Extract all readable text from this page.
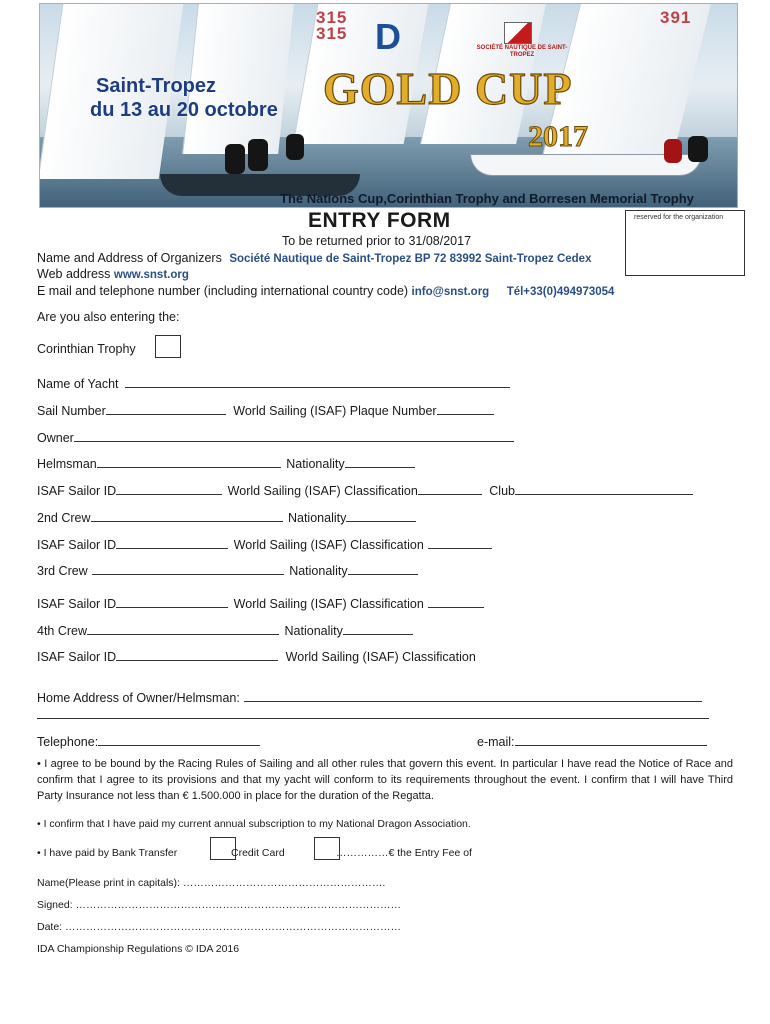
315
315
391
D	SOCIÉTÉ NAUTIQUE DE SAINT-TROPEZ
Saint-Tropez
du 13 au 20 octobre GOLD CUP
2017
The Nations Cup,Corinthian Trophy and Borresen Memorial Trophy
ENTRY FORM	reserved for the organization
To be returned prior to 31/08/2017
Name and Address of Organizers Société Nautique de Saint-Tropez BP 72 83992 Saint-Tropez Cedex
Web address www.snst.org
E mail and telephone number (including international country code) info@snst.org Tél+33(0)494973054
Are you also entering the:
Corinthian Trophy
Name of Yacht
Sail Number	World Sailing (ISAF) Plaque Number
Owner
Helmsman	Nationality
ISAF Sailor ID	World Sailing (ISAF) Classification	Club
2nd Crew	Nationality
ISAF Sailor ID	World Sailing (ISAF) Classification
3rd Crew	Nationality
ISAF Sailor ID	World Sailing (ISAF) Classification
4th Crew	Nationality
ISAF Sailor ID	World Sailing (ISAF) Classification
Home Address of Owner/Helmsman:
Telephone:	e-mail:
• I agree to be bound by the Racing Rules of Sailing and all other rules that govern this event. In particular I have read the Notice of Race and confirm that I agree to its provisions and that my yacht will conform to its requirements throughout the event. I confirm that I will have Third Party Insurance not less than € 1.500.000 in place for the duration of the Regatta.
• I confirm that I have paid my current annual subscription to my National Dragon Association.
• I have paid by Bank Transfer	Credit Card	the Entry Fee of €……………
Name(Please print in capitals): ………………………………………………….
Signed: …………………………………………………………………………………
Date: ……………………………………………………………………………………
IDA Championship Regulations © IDA 2016
